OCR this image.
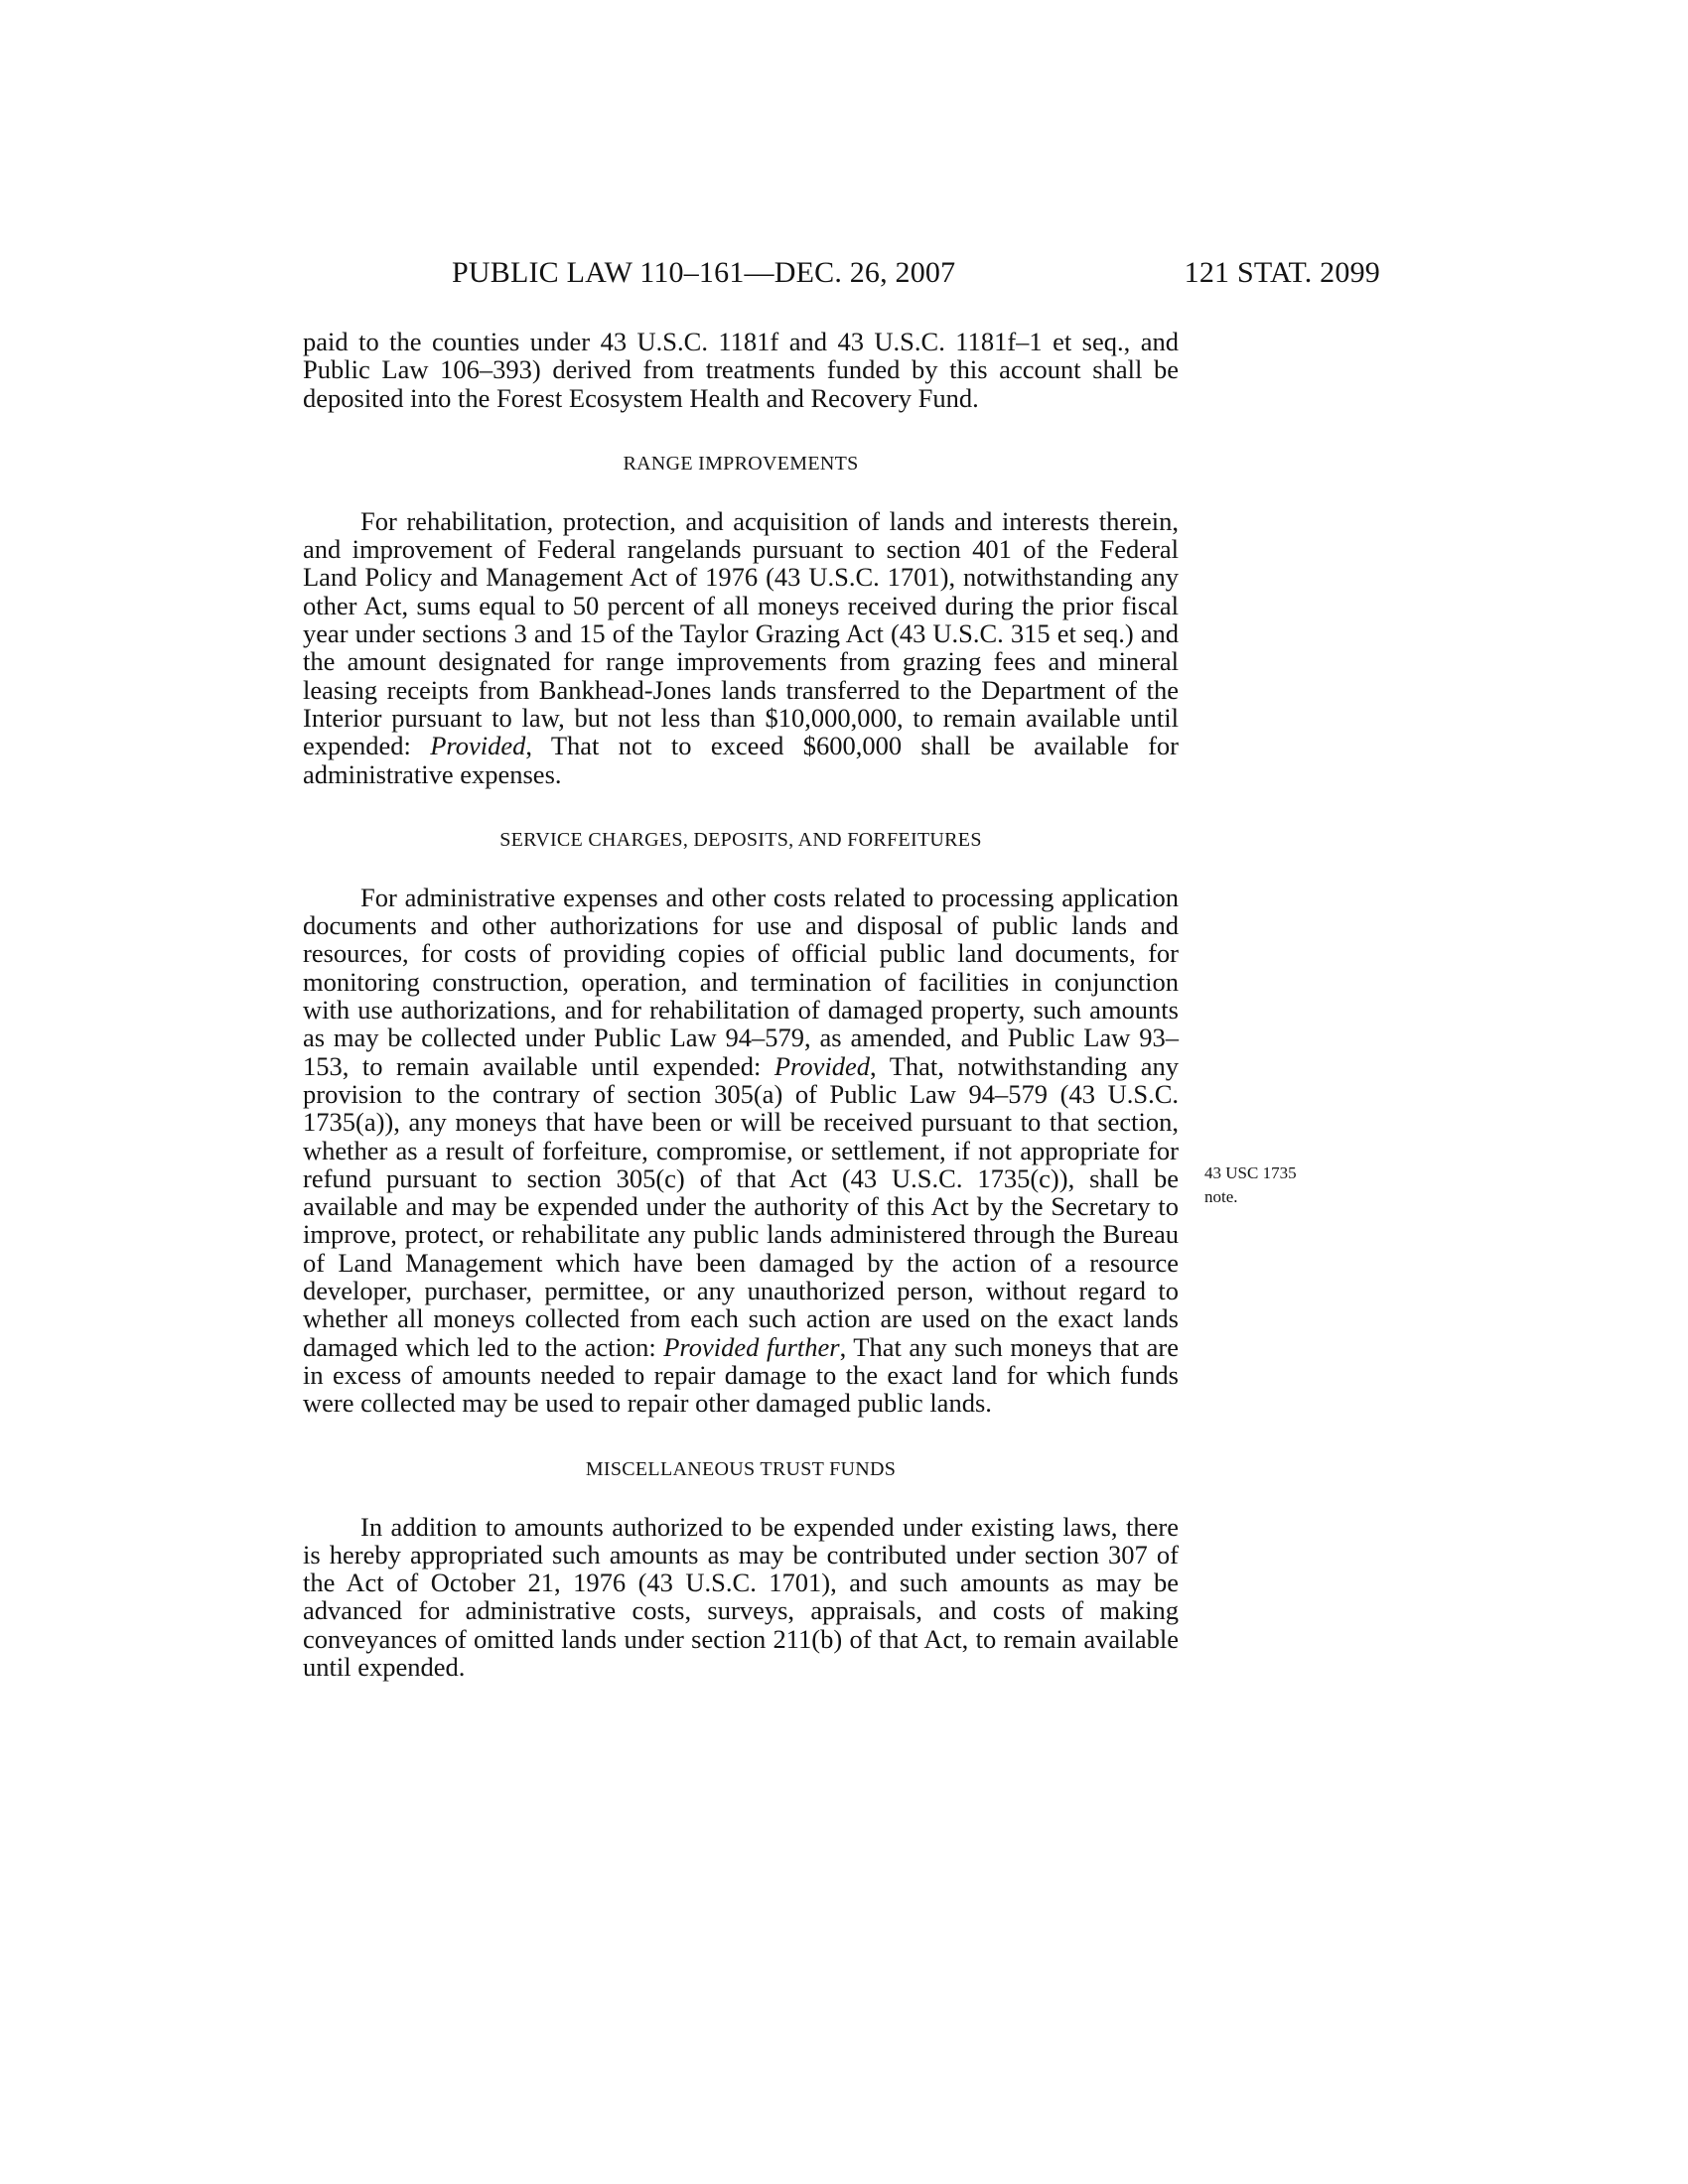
PUBLIC LAW 110–161—DEC. 26, 2007	121 STAT. 2099

paid to the counties under 43 U.S.C. 1181f and 43 U.S.C. 1181f–1 et seq., and Public Law 106–393) derived from treatments funded by this account shall be deposited into the Forest Ecosystem Health and Recovery Fund.

RANGE IMPROVEMENTS

For rehabilitation, protection, and acquisition of lands and interests therein, and improvement of Federal rangelands pursuant to section 401 of the Federal Land Policy and Management Act of 1976 (43 U.S.C. 1701), notwithstanding any other Act, sums equal to 50 percent of all moneys received during the prior fiscal year under sections 3 and 15 of the Taylor Grazing Act (43 U.S.C. 315 et seq.) and the amount designated for range improvements from grazing fees and mineral leasing receipts from Bankhead-Jones lands transferred to the Department of the Interior pursuant to law, but not less than $10,000,000, to remain available until expended: Provided, That not to exceed $600,000 shall be available for administrative expenses.

SERVICE CHARGES, DEPOSITS, AND FORFEITURES

For administrative expenses and other costs related to processing application documents and other authorizations for use and disposal of public lands and resources, for costs of providing copies of official public land documents, for monitoring construction, operation, and termination of facilities in conjunction with use authorizations, and for rehabilitation of damaged property, such amounts as may be collected under Public Law 94–579, as amended, and Public Law 93–153, to remain available until expended: Provided, That, notwithstanding any provision to the contrary of section 305(a) of Public Law 94–579 (43 U.S.C. 1735(a)), any moneys that have been or will be received pursuant to that section, whether as a result of forfeiture, compromise, or settlement, if not appropriate for refund pursuant to section 305(c) of that Act (43 U.S.C. 1735(c)), shall be available and may be expended under the authority of this Act by the Secretary to improve, protect, or rehabilitate any public lands administered through the Bureau of Land Management which have been damaged by the action of a resource developer, purchaser, permittee, or any unauthorized person, without regard to whether all moneys collected from each such action are used on the exact lands damaged which led to the action: Provided further, That any such moneys that are in excess of amounts needed to repair damage to the exact land for which funds were collected may be used to repair other damaged public lands.

MISCELLANEOUS TRUST FUNDS

In addition to amounts authorized to be expended under existing laws, there is hereby appropriated such amounts as may be contributed under section 307 of the Act of October 21, 1976 (43 U.S.C. 1701), and such amounts as may be advanced for administrative costs, surveys, appraisals, and costs of making conveyances of omitted lands under section 211(b) of that Act, to remain available until expended.

43 USC 1735
note.
